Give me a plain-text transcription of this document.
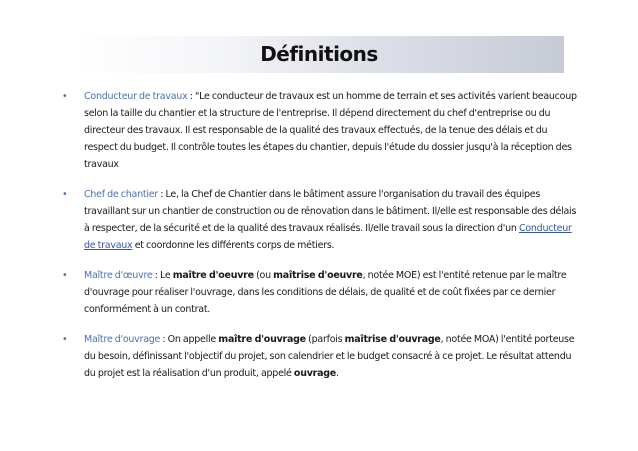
Définitions
• Conducteur de travaux : "Le conducteur de travaux est un homme de terrain et ses activités varient beaucoup selon la taille du chantier et la structure de l'entreprise. Il dépend directement du chef d'entreprise ou du directeur des travaux. Il est responsable de la qualité des travaux effectués, de la tenue des délais et du respect du budget. Il contrôle toutes les étapes du chantier, depuis l'étude du dossier jusqu'à la réception des travaux
• Chef de chantier : Le, la Chef de Chantier dans le bâtiment assure l'organisation du travail des équipes travaillant sur un chantier de construction ou de rénovation dans le bâtiment. Il/elle est responsable des délais à respecter, de la sécurité et de la qualité des travaux réalisés. Il/elle travail sous la direction d'un Conducteur de travaux et coordonne les différents corps de métiers.
• Maître d'œuvre : Le maître d'oeuvre (ou maîtrise d'oeuvre, notée MOE) est l'entité retenue par le maître d'ouvrage pour réaliser l'ouvrage, dans les conditions de délais, de qualité et de coût fixées par ce dernier conformément à un contrat.
• Maître d'ouvrage : On appelle maître d'ouvrage (parfois maîtrise d'ouvrage, notée MOA) l'entité porteuse du besoin, définissant l'objectif du projet, son calendrier et le budget consacré à ce projet. Le résultat attendu du projet est la réalisation d'un produit, appelé ouvrage.
